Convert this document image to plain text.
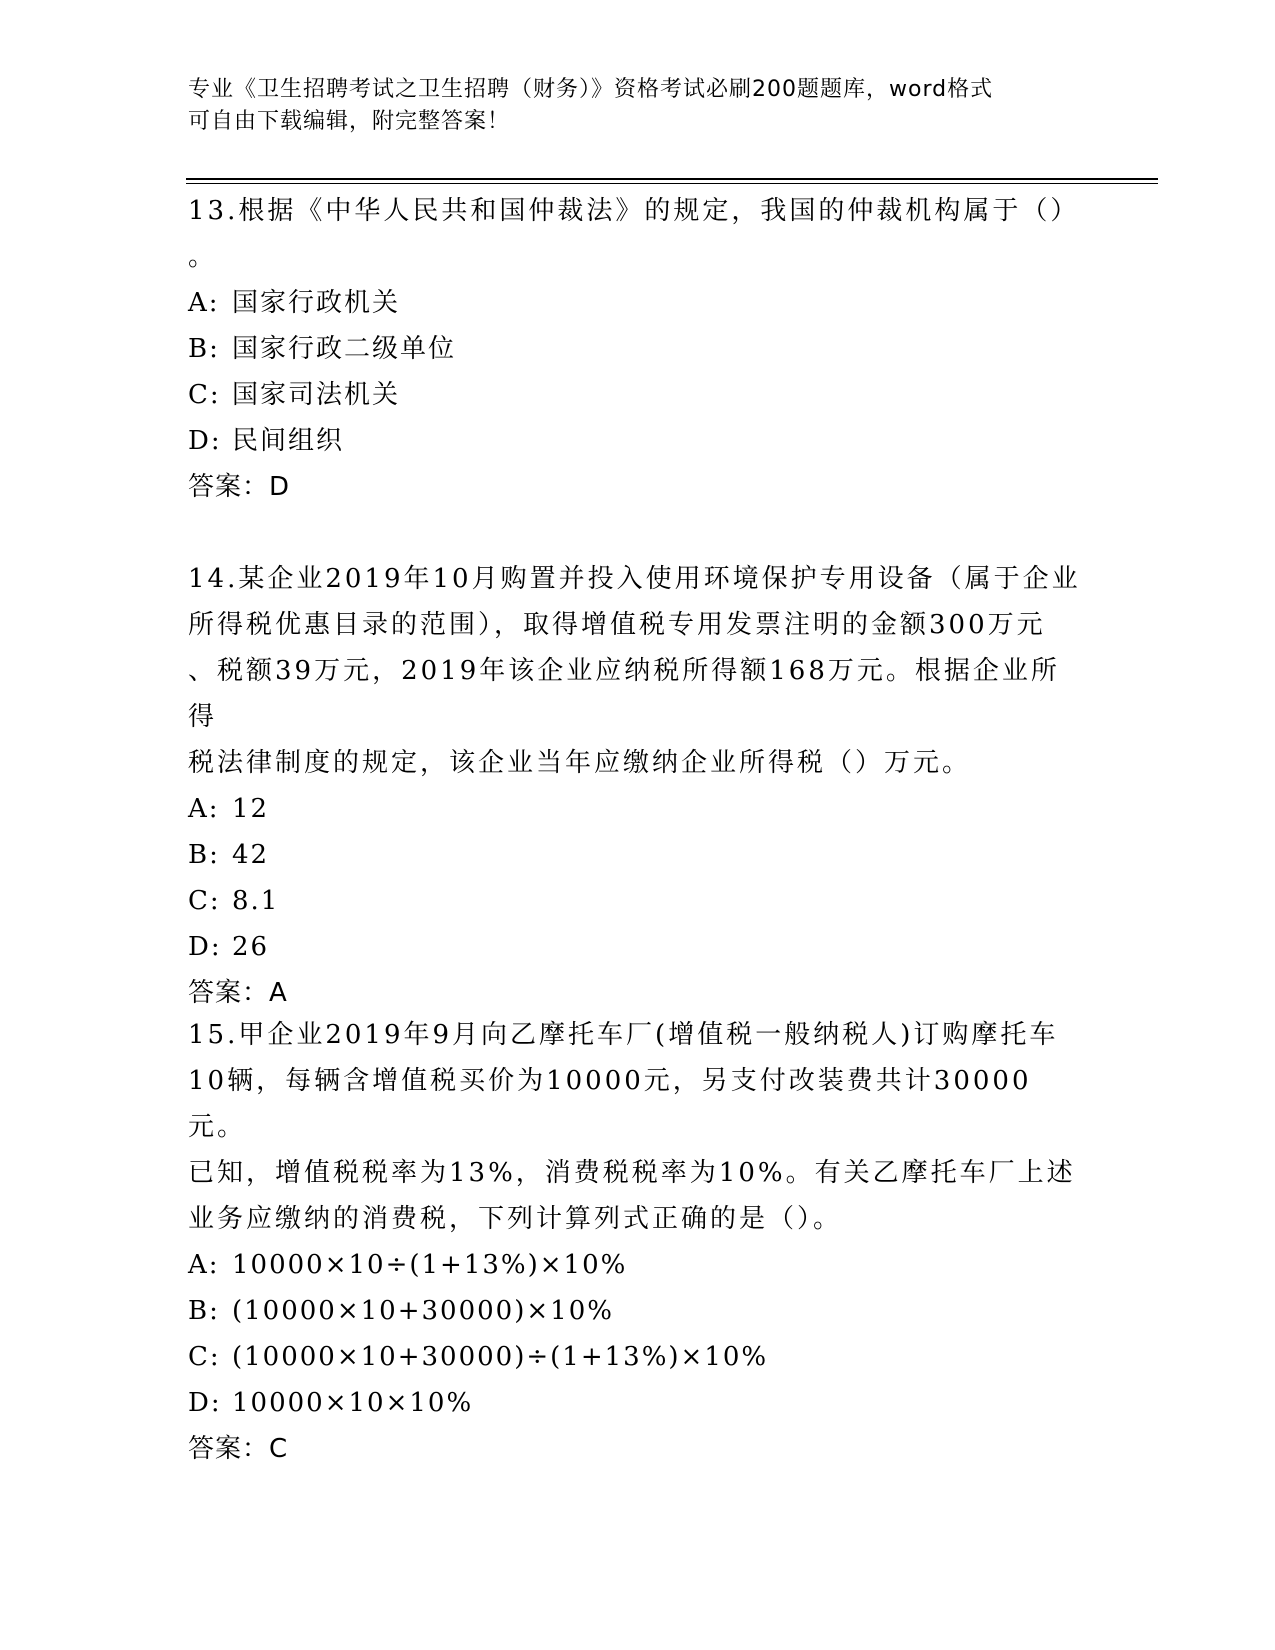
专业《卫生招聘考试之卫生招聘（财务）》资格考试必刷200题题库，word格式
可自由下载编辑，附完整答案！
13.根据《中华人民共和国仲裁法》的规定，我国的仲裁机构属于（）
。
A: 国家行政机关
B: 国家行政二级单位
C: 国家司法机关
D: 民间组织
答案：D
14.某企业2019年10月购置并投入使用环境保护专用设备（属于企业
所得税优惠目录的范围），取得增值税专用发票注明的金额300万元
、税额39万元，2019年该企业应纳税所得额168万元。根据企业所得
税法律制度的规定，该企业当年应缴纳企业所得税（）万元。
A: 12
B: 42
C: 8.1
D: 26
答案：A
15.甲企业2019年9月向乙摩托车厂(增值税一般纳税人)订购摩托车
10辆，每辆含增值税买价为10000元，另支付改装费共计30000元。
已知，增值税税率为13%，消费税税率为10%。有关乙摩托车厂上述
业务应缴纳的消费税，下列计算列式正确的是（）。
A: 10000×10÷(1+13%)×10%
B: (10000×10+30000)×10%
C: (10000×10+30000)÷(1+13%)×10%
D: 10000×10×10%
答案：C
